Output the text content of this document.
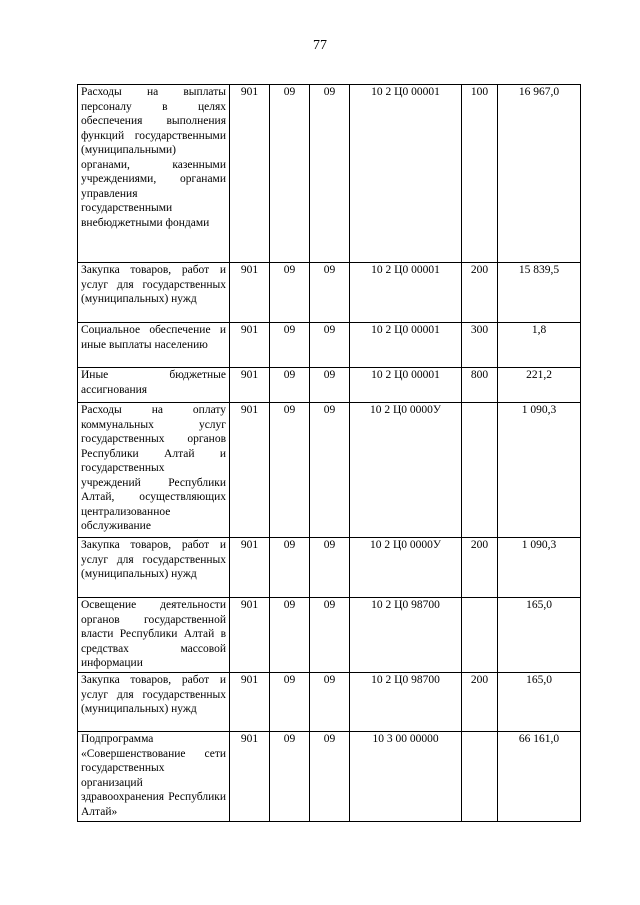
77
Расходы на выплаты персоналу в целях обеспечения выполнения функций государственными (муниципальными) органами, казенными учреждениями, органами управления государственными внебюджетными фондами	901	09	09	10 2 Ц0 00001	100	16 967,0
Закупка товаров, работ и услуг для государственных (муниципальных) нужд	901	09	09	10 2 Ц0 00001	200	15 839,5
Социальное обеспечение и иные выплаты населению	901	09	09	10 2 Ц0 00001	300	1,8
Иные бюджетные ассигнования	901	09	09	10 2 Ц0 00001	800	221,2
Расходы на оплату коммунальных услуг государственных органов Республики Алтай и государственных учреждений Республики Алтай, осуществляющих централизованное обслуживание	901	09	09	10 2 Ц0 0000У		1 090,3
Закупка товаров, работ и услуг для государственных (муниципальных) нужд	901	09	09	10 2 Ц0 0000У	200	1 090,3
Освещение деятельности органов государственной власти Республики Алтай в средствах массовой информации	901	09	09	10 2 Ц0 98700		165,0
Закупка товаров, работ и услуг для государственных (муниципальных) нужд	901	09	09	10 2 Ц0 98700	200	165,0
Подпрограмма «Совершенствование сети государственных организаций здравоохранения Республики Алтай»	901	09	09	10 3 00 00000		66 161,0
